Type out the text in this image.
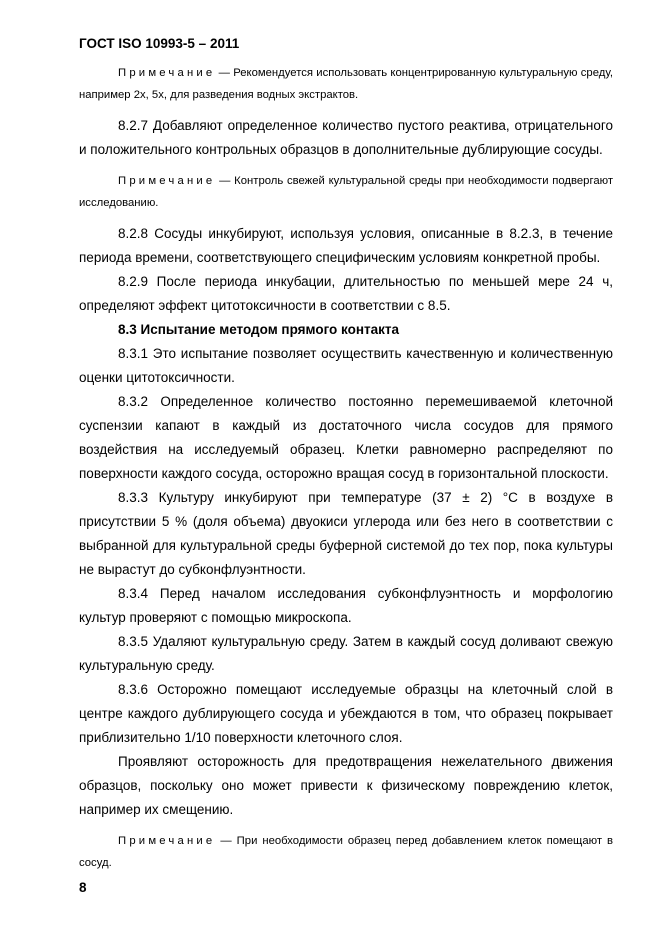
ГОСТ ISO 10993-5 – 2011

Примечание — Рекомендуется использовать концентрированную культуральную среду, например 2x, 5x, для разведения водных экстрактов.

8.2.7 Добавляют определенное количество пустого реактива, отрицательного и положительного контрольных образцов в дополнительные дублирующие сосуды.

Примечание — Контроль свежей культуральной среды при необходимости подвергают исследованию.

8.2.8 Сосуды инкубируют, используя условия, описанные в 8.2.3, в течение периода времени, соответствующего специфическим условиям конкретной пробы.

8.2.9 После периода инкубации, длительностью по меньшей мере 24 ч, определяют эффект цитотоксичности в соответствии с 8.5.

8.3 Испытание методом прямого контакта

8.3.1 Это испытание позволяет осуществить качественную и количественную оценки цитотоксичности.

8.3.2 Определенное количество постоянно перемешиваемой клеточной суспензии капают в каждый из достаточного числа сосудов для прямого воздействия на исследуемый образец. Клетки равномерно распределяют по поверхности каждого сосуда, осторожно вращая сосуд в горизонтальной плоскости.

8.3.3 Культуру инкубируют при температуре (37 ± 2) °С в воздухе в присутствии 5 % (доля объема) двуокиси углерода или без него в соответствии с выбранной для культуральной среды буферной системой до тех пор, пока культуры не вырастут до субконфлуэнтности.

8.3.4 Перед началом исследования субконфлуэнтность и морфологию культур проверяют с помощью микроскопа.

8.3.5 Удаляют культуральную среду. Затем в каждый сосуд доливают свежую культуральную среду.

8.3.6 Осторожно помещают исследуемые образцы на клеточный слой в центре каждого дублирующего сосуда и убеждаются в том, что образец покрывает приблизительно 1/10 поверхности клеточного слоя.

Проявляют осторожность для предотвращения нежелательного движения образцов, поскольку оно может привести к физическому повреждению клеток, например их смещению.

Примечание — При необходимости образец перед добавлением клеток помещают в сосуд.

8
